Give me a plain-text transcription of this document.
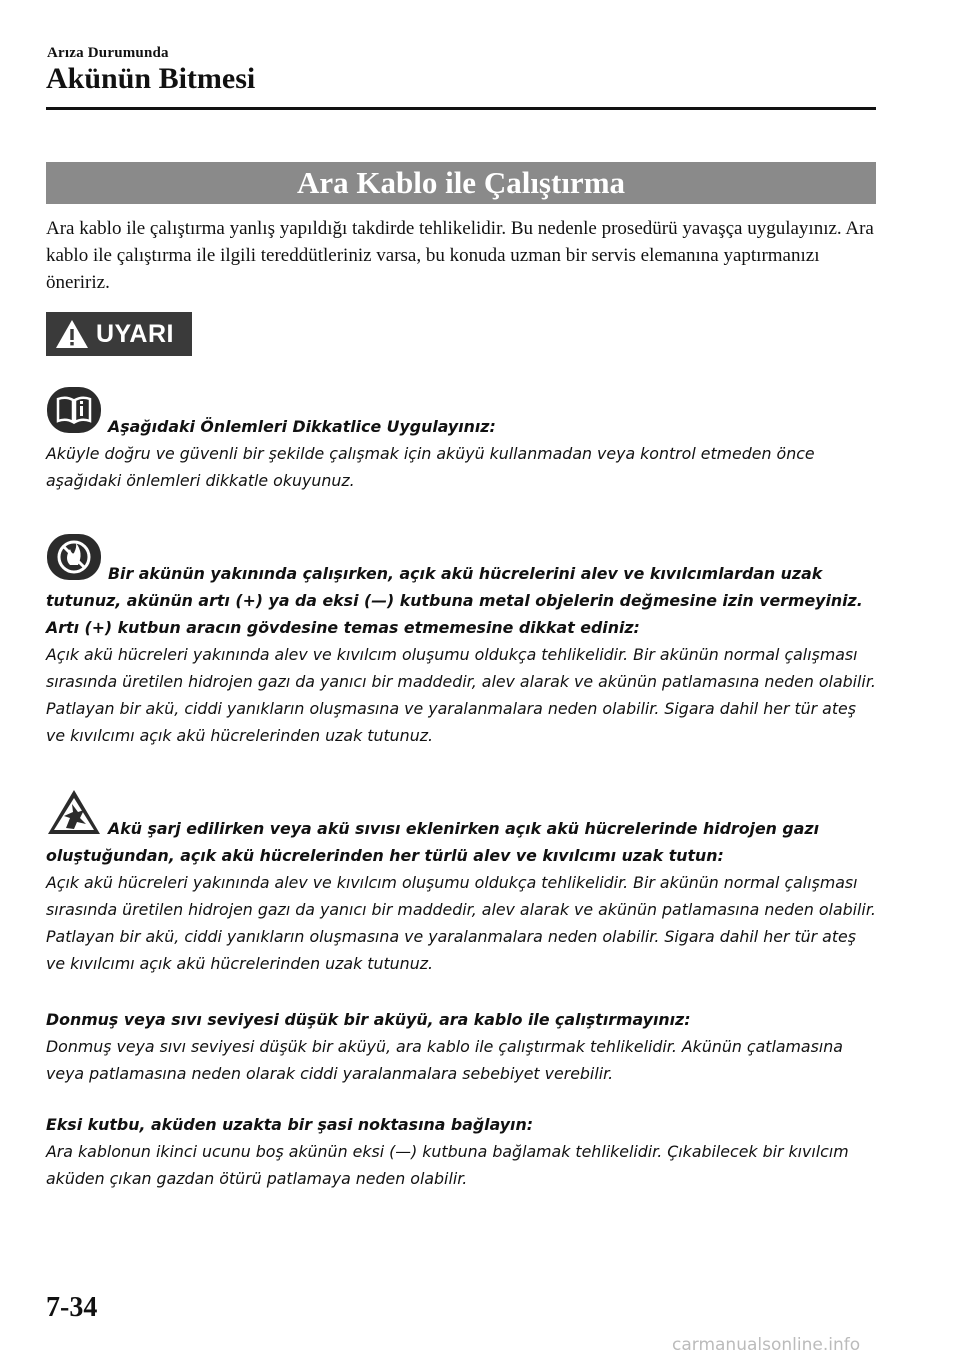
Arıza Durumunda
Akünün Bitmesi
Ara Kablo ile Çalıştırma
Ara kablo ile çalıştırma yanlış yapıldığı takdirde tehlikelidir. Bu nedenle prosedürü yavaşça uygulayınız. Ara kablo ile çalıştırma ile ilgili tereddütleriniz varsa, bu konuda uzman bir servis elemanına yaptırmanızı öneririz.
UYARI
Aşağıdaki Önlemleri Dikkatlice Uygulayınız:
Aküyle doğru ve güvenli bir şekilde çalışmak için aküyü kullanmadan veya kontrol etmeden önce aşağıdaki önlemleri dikkatle okuyunuz.
Bir akünün yakınında çalışırken, açık akü hücrelerini alev ve kıvılcımlardan uzak tutunuz, akünün artı (+) ya da eksi (—) kutbuna metal objelerin değmesine izin vermeyiniz. Artı (+) kutbun aracın gövdesine temas etmemesine dikkat ediniz:
Açık akü hücreleri yakınında alev ve kıvılcım oluşumu oldukça tehlikelidir. Bir akünün normal çalışması sırasında üretilen hidrojen gazı da yanıcı bir maddedir, alev alarak ve akünün patlamasına neden olabilir. Patlayan bir akü, ciddi yanıkların oluşmasına ve yaralanmalara neden olabilir. Sigara dahil her tür ateş ve kıvılcımı açık akü hücrelerinden uzak tutunuz.
Akü şarj edilirken veya akü sıvısı eklenirken açık akü hücrelerinde hidrojen gazı oluştuğundan, açık akü hücrelerinden her türlü alev ve kıvılcımı uzak tutun:
Açık akü hücreleri yakınında alev ve kıvılcım oluşumu oldukça tehlikelidir. Bir akünün normal çalışması sırasında üretilen hidrojen gazı da yanıcı bir maddedir, alev alarak ve akünün patlamasına neden olabilir. Patlayan bir akü, ciddi yanıkların oluşmasına ve yaralanmalara neden olabilir. Sigara dahil her tür ateş ve kıvılcımı açık akü hücrelerinden uzak tutunuz.
Donmuş veya sıvı seviyesi düşük bir aküyü, ara kablo ile çalıştırmayınız:
Donmuş veya sıvı seviyesi düşük bir aküyü, ara kablo ile çalıştırmak tehlikelidir. Akünün çatlamasına veya patlamasına neden olarak ciddi yaralanmalara sebebiyet verebilir.
Eksi kutbu, aküden uzakta bir şasi noktasına bağlayın:
Ara kablonun ikinci ucunu boş akünün eksi (—) kutbuna bağlamak tehlikelidir. Çıkabilecek bir kıvılcım aküden çıkan gazdan ötürü patlamaya neden olabilir.
7-34
carmanualsonline.info
